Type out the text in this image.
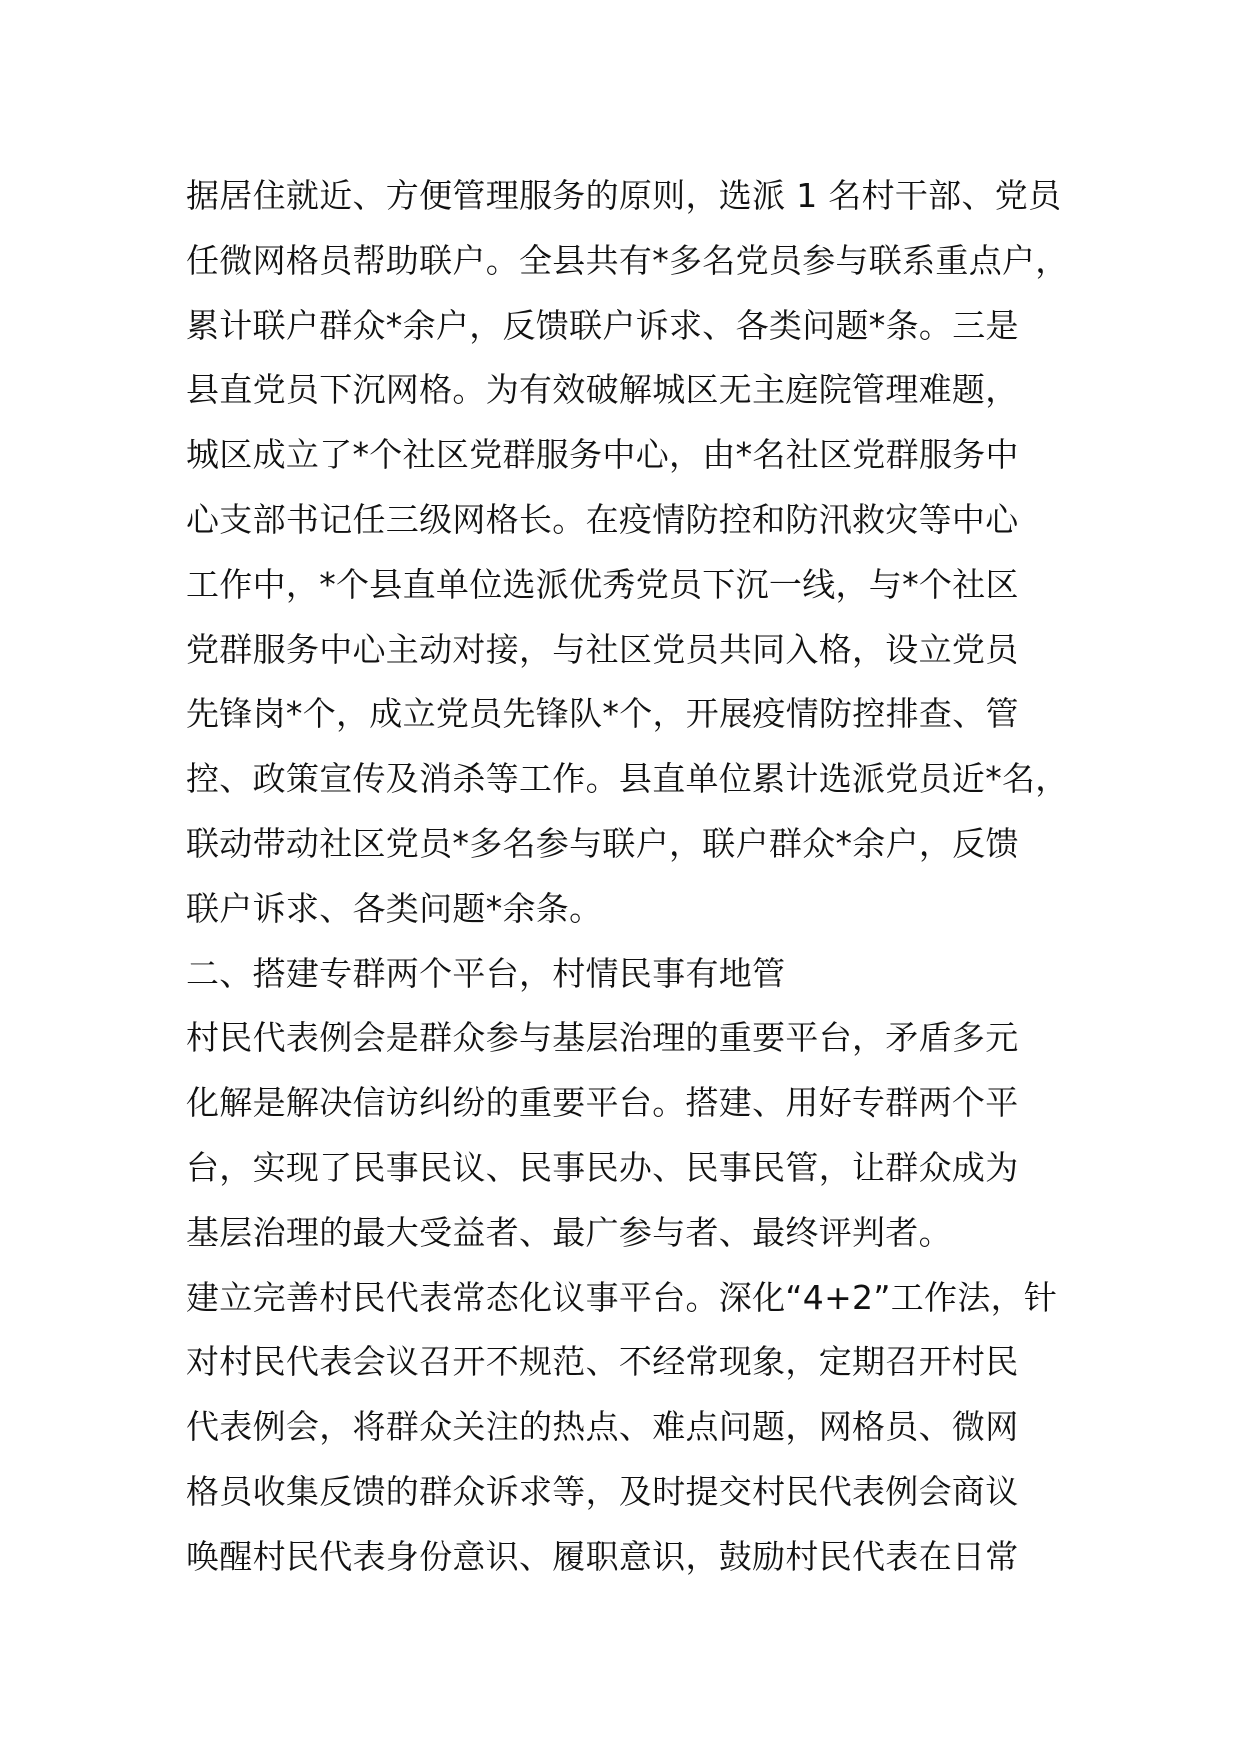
据居住就近、方便管理服务的原则，选派 1 名村干部、党员
任微网格员帮助联户。全县共有*多名党员参与联系重点户，
累计联户群众*余户，反馈联户诉求、各类问题*条。三是
县直党员下沉网格。为有效破解城区无主庭院管理难题，
城区成立了*个社区党群服务中心，由*名社区党群服务中
心支部书记任三级网格长。在疫情防控和防汛救灾等中心
工作中，*个县直单位选派优秀党员下沉一线，与*个社区
党群服务中心主动对接，与社区党员共同入格，设立党员
先锋岗*个，成立党员先锋队*个，开展疫情防控排查、管
控、政策宣传及消杀等工作。县直单位累计选派党员近*名，
联动带动社区党员*多名参与联户，联户群众*余户，反馈
联户诉求、各类问题*余条。
二、搭建专群两个平台，村情民事有地管
村民代表例会是群众参与基层治理的重要平台，矛盾多元
化解是解决信访纠纷的重要平台。搭建、用好专群两个平
台，实现了民事民议、民事民办、民事民管，让群众成为
基层治理的最大受益者、最广参与者、最终评判者。
建立完善村民代表常态化议事平台。深化“4+2”工作法，针
对村民代表会议召开不规范、不经常现象，定期召开村民
代表例会，将群众关注的热点、难点问题，网格员、微网
格员收集反馈的群众诉求等，及时提交村民代表例会商议
唤醒村民代表身份意识、履职意识，鼓励村民代表在日常
